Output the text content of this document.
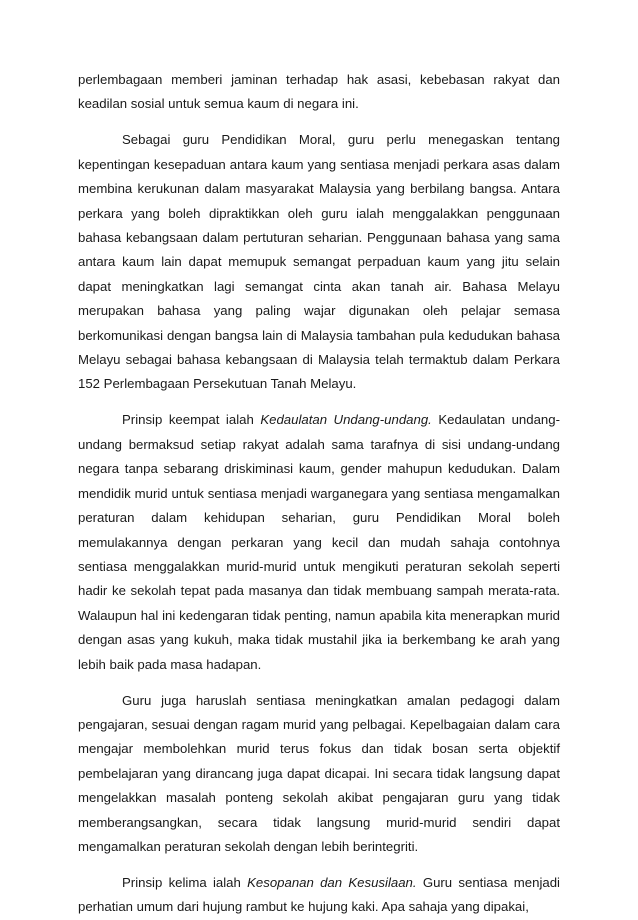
perlembagaan memberi jaminan terhadap hak asasi, kebebasan rakyat dan keadilan sosial untuk semua kaum di negara ini.

Sebagai guru Pendidikan Moral, guru perlu menegaskan tentang kepentingan kesepaduan antara kaum yang sentiasa menjadi perkara asas dalam membina kerukunan dalam masyarakat Malaysia yang berbilang bangsa. Antara perkara yang boleh dipraktikkan oleh guru ialah menggalakkan penggunaan bahasa kebangsaan dalam pertuturan seharian. Penggunaan bahasa yang sama antara kaum lain dapat memupuk semangat perpaduan kaum yang jitu selain dapat meningkatkan lagi semangat cinta akan tanah air. Bahasa Melayu merupakan bahasa yang paling wajar digunakan oleh pelajar semasa berkomunikasi dengan bangsa lain di Malaysia tambahan pula kedudukan bahasa Melayu sebagai bahasa kebangsaan di Malaysia telah termaktub dalam Perkara 152 Perlembagaan Persekutuan Tanah Melayu.

Prinsip keempat ialah Kedaulatan Undang-undang. Kedaulatan undang-undang bermaksud setiap rakyat adalah sama tarafnya di sisi undang-undang negara tanpa sebarang driskiminasi kaum, gender mahupun kedudukan. Dalam mendidik murid untuk sentiasa menjadi warganegara yang sentiasa mengamalkan peraturan dalam kehidupan seharian, guru Pendidikan Moral boleh memulakannya dengan perkaran yang kecil dan mudah sahaja contohnya sentiasa menggalakkan murid-murid untuk mengikuti peraturan sekolah seperti hadir ke sekolah tepat pada masanya dan tidak membuang sampah merata-rata. Walaupun hal ini kedengaran tidak penting, namun apabila kita menerapkan murid dengan asas yang kukuh, maka tidak mustahil jika ia berkembang ke arah yang lebih baik pada masa hadapan.

Guru juga haruslah sentiasa meningkatkan amalan pedagogi dalam pengajaran, sesuai dengan ragam murid yang pelbagai. Kepelbagaian dalam cara mengajar membolehkan murid terus fokus dan tidak bosan serta objektif pembelajaran yang dirancang juga dapat dicapai. Ini secara tidak langsung dapat mengelakkan masalah ponteng sekolah akibat pengajaran guru yang tidak memberangsangkan, secara tidak langsung murid-murid sendiri dapat mengamalkan peraturan sekolah dengan lebih berintegriti.

Prinsip kelima ialah Kesopanan dan Kesusilaan. Guru sentiasa menjadi perhatian umum dari hujung rambut ke hujung kaki. Apa sahaja yang dipakai,
